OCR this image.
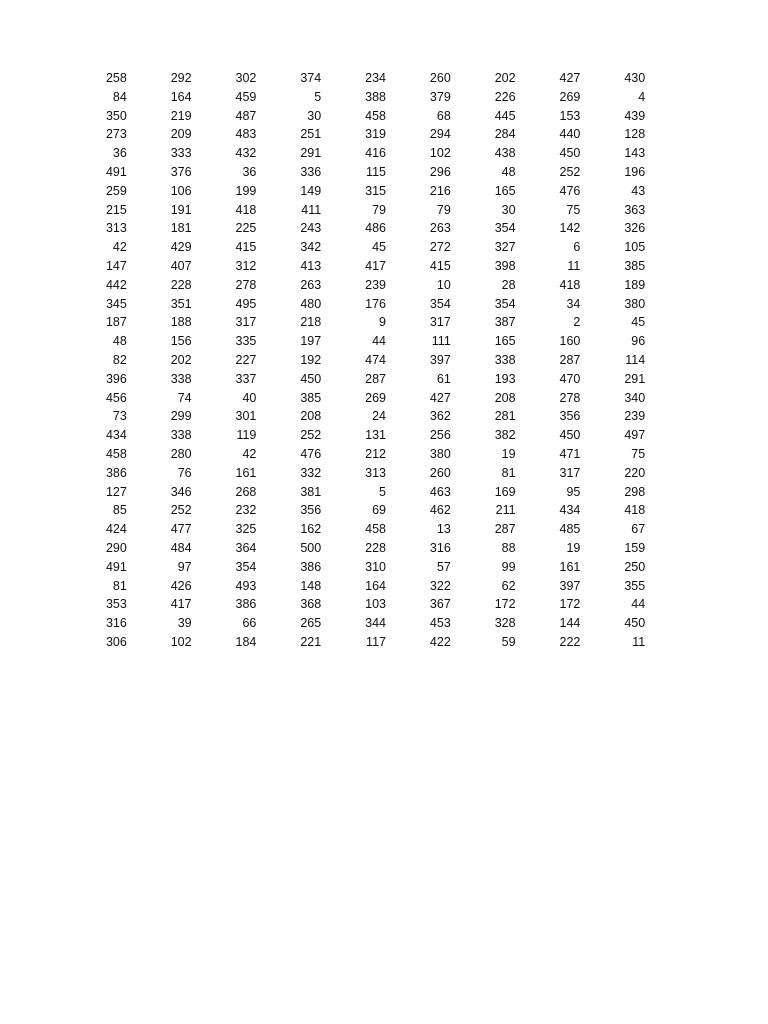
258	292	302	374	234	260	202	427	430
84	164	459	5	388	379	226	269	4
350	219	487	30	458	68	445	153	439
273	209	483	251	319	294	284	440	128
36	333	432	291	416	102	438	450	143
491	376	36	336	115	296	48	252	196
259	106	199	149	315	216	165	476	43
215	191	418	411	79	79	30	75	363
313	181	225	243	486	263	354	142	326
42	429	415	342	45	272	327	6	105
147	407	312	413	417	415	398	11	385
442	228	278	263	239	10	28	418	189
345	351	495	480	176	354	354	34	380
187	188	317	218	9	317	387	2	45
48	156	335	197	44	111	165	160	96
82	202	227	192	474	397	338	287	114
396	338	337	450	287	61	193	470	291
456	74	40	385	269	427	208	278	340
73	299	301	208	24	362	281	356	239
434	338	119	252	131	256	382	450	497
458	280	42	476	212	380	19	471	75
386	76	161	332	313	260	81	317	220
127	346	268	381	5	463	169	95	298
85	252	232	356	69	462	211	434	418
424	477	325	162	458	13	287	485	67
290	484	364	500	228	316	88	19	159
491	97	354	386	310	57	99	161	250
81	426	493	148	164	322	62	397	355
353	417	386	368	103	367	172	172	44
316	39	66	265	344	453	328	144	450
306	102	184	221	117	422	59	222	11
